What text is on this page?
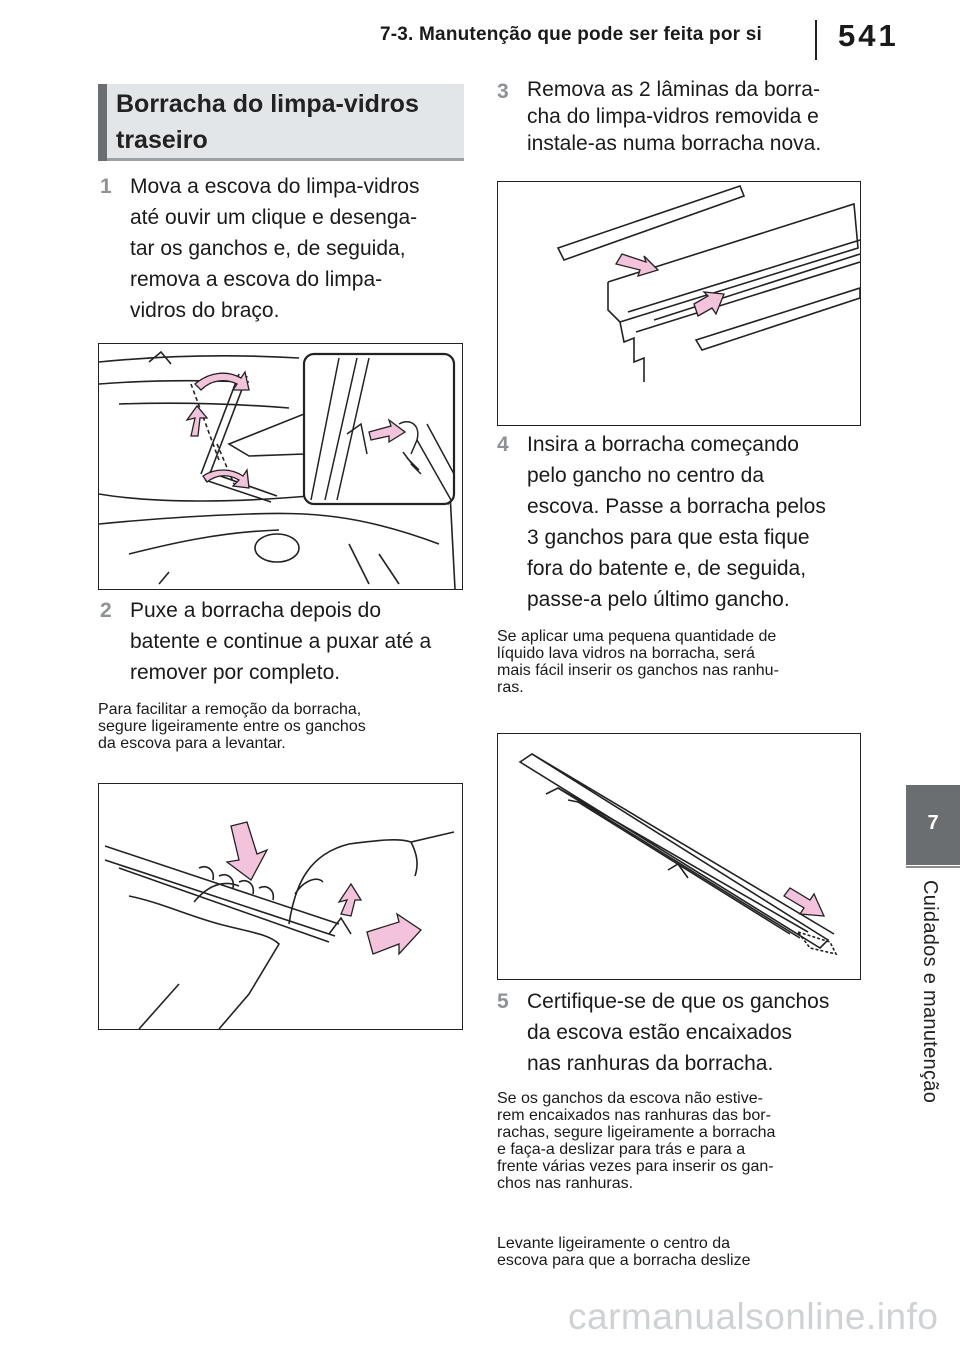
7-3. Manutenção que pode ser feita por si 541
7
Cuidados e manutenção
Borracha do limpa-vidros traseiro
1 Mova a escova do limpa-vidros
até ouvir um clique e desenga-
tar os ganchos e, de seguida,
remova a escova do limpa-
vidros do braço.
2 Puxe a borracha depois do
batente e continue a puxar até a
remover por completo.
Para facilitar a remoção da borracha,
segure ligeiramente entre os ganchos
da escova para a levantar.
3 Remova as 2 lâminas da borra-
cha do limpa-vidros removida e
instale-as numa borracha nova.
4 Insira a borracha começando
pelo gancho no centro da
escova. Passe a borracha pelos
3 ganchos para que esta fique
fora do batente e, de seguida,
passe-a pelo último gancho.
Se aplicar uma pequena quantidade de
líquido lava vidros na borracha, será
mais fácil inserir os ganchos nas ranhu-
ras.
5 Certifique-se de que os ganchos
da escova estão encaixados
nas ranhuras da borracha.
Se os ganchos da escova não estive-
rem encaixados nas ranhuras das bor-
rachas, segure ligeiramente a borracha
e faça-a deslizar para trás e para a
frente várias vezes para inserir os gan-
chos nas ranhuras.
Levante ligeiramente o centro da
escova para que a borracha deslize
carmanualsonline.info
